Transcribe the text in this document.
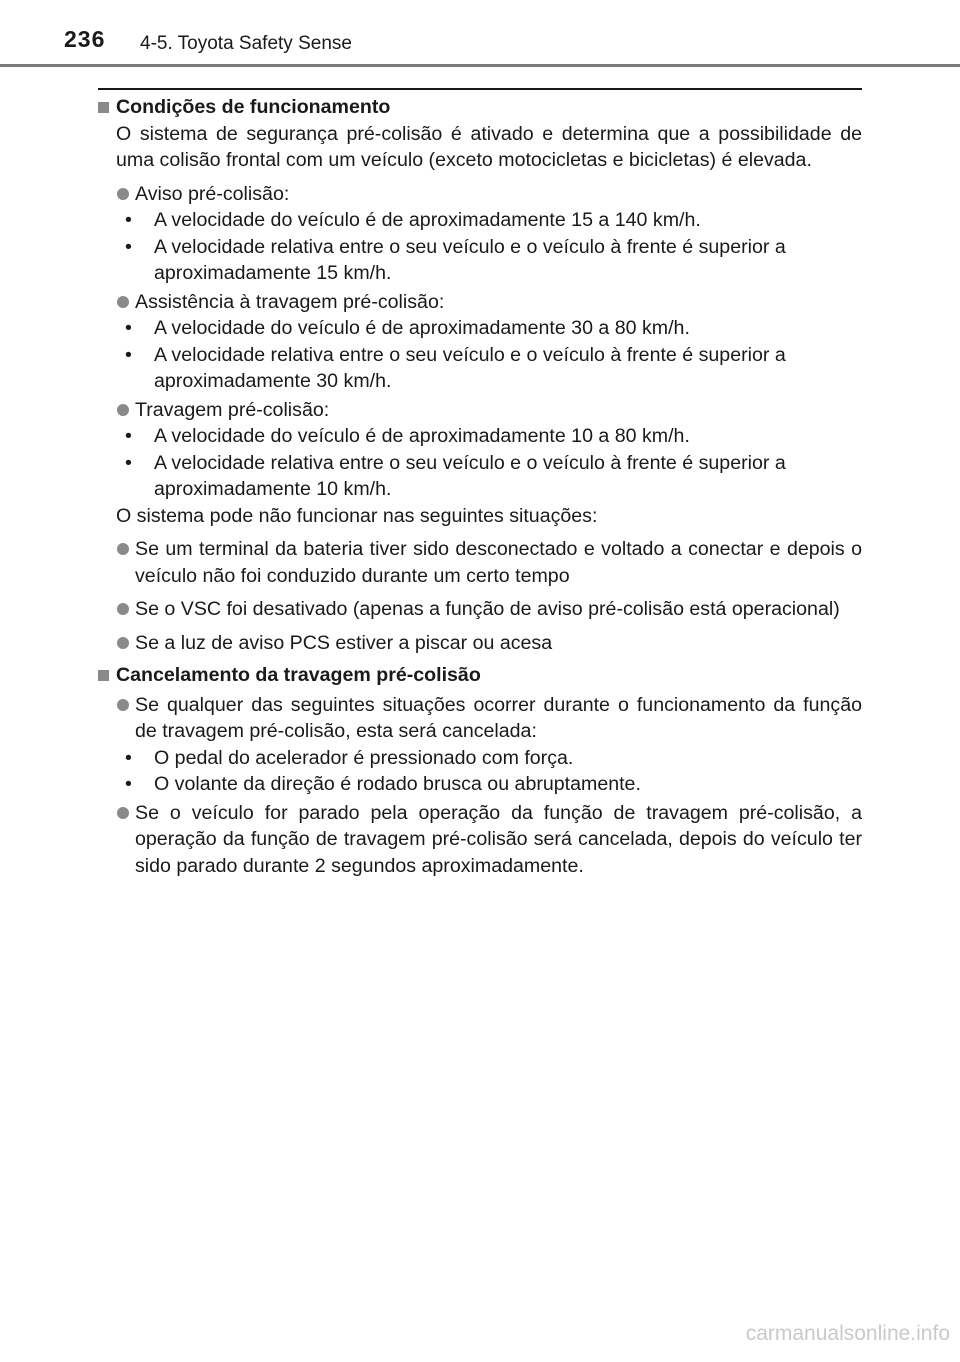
236 4-5. Toyota Safety Sense

Condições de funcionamento

O sistema de segurança pré-colisão é ativado e determina que a possibilidade de uma colisão frontal com um veículo (exceto motocicletas e bicicletas) é elevada.

Aviso pré-colisão:

• A velocidade do veículo é de aproximadamente 15 a 140 km/h.

• A velocidade relativa entre o seu veículo e o veículo à frente é superior a aproximadamente 15 km/h.

Assistência à travagem pré-colisão:

• A velocidade do veículo é de aproximadamente 30 a 80 km/h.

• A velocidade relativa entre o seu veículo e o veículo à frente é superior a aproximadamente 30 km/h.

Travagem pré-colisão:

• A velocidade do veículo é de aproximadamente 10 a 80 km/h.

• A velocidade relativa entre o seu veículo e o veículo à frente é superior a aproximadamente 10 km/h.

O sistema pode não funcionar nas seguintes situações:

Se um terminal da bateria tiver sido desconectado e voltado a conectar e depois o veículo não foi conduzido durante um certo tempo

Se o VSC foi desativado (apenas a função de aviso pré-colisão está operacional)

Se a luz de aviso PCS estiver a piscar ou acesa

Cancelamento da travagem pré-colisão

Se qualquer das seguintes situações ocorrer durante o funcionamento da função de travagem pré-colisão, esta será cancelada:

• O pedal do acelerador é pressionado com força.

• O volante da direção é rodado brusca ou abruptamente.

Se o veículo for parado pela operação da função de travagem pré-colisão, a operação da função de travagem pré-colisão será cancelada, depois do veículo ter sido parado durante 2 segundos aproximadamente.

carmanualsonline.info
